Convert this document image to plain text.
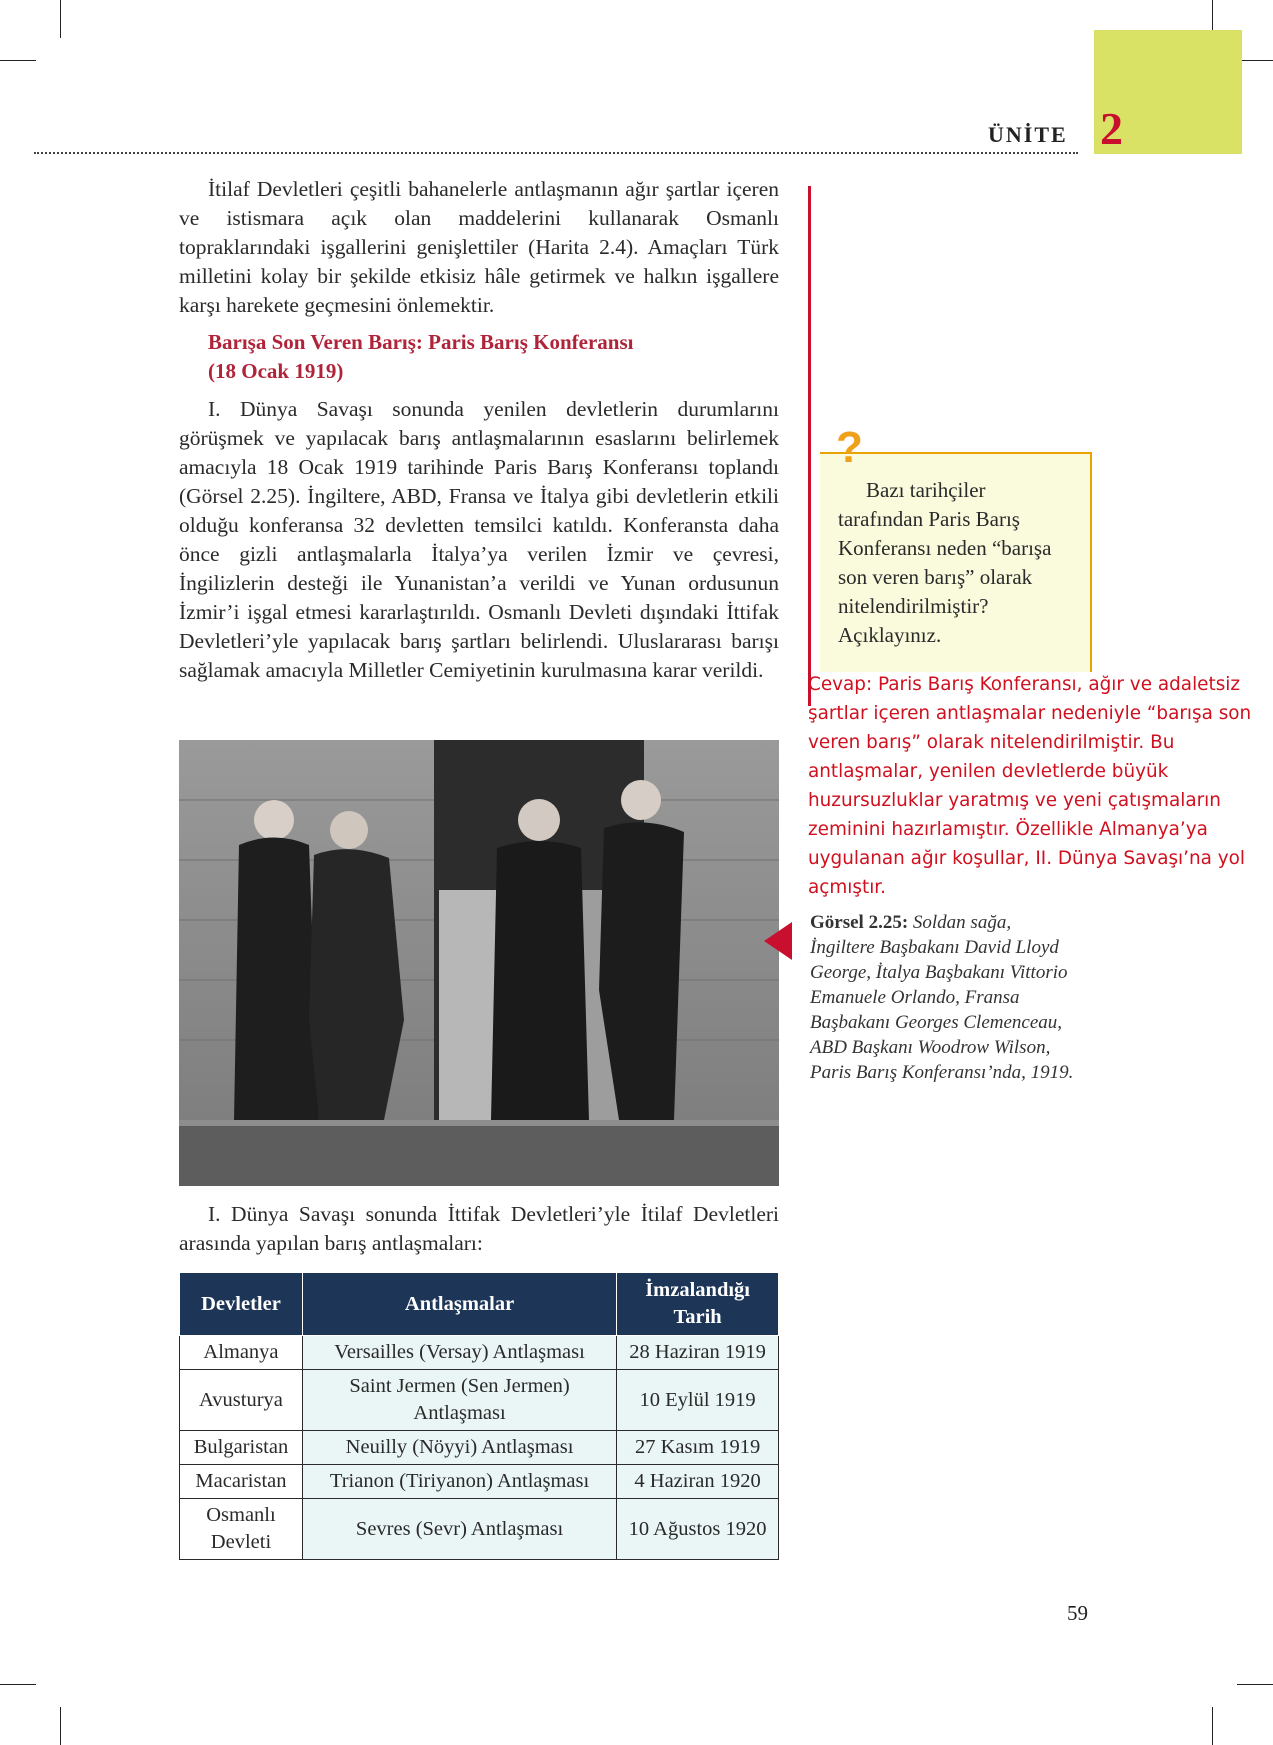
ÜNİTE 2

İtilaf Devletleri çeşitli bahanelerle antlaşmanın ağır şartlar içeren ve istismara açık olan maddelerini kullanarak Osmanlı topraklarındaki işgallerini genişlettiler (Harita 2.4). Amaçları Türk milletini kolay bir şekilde etkisiz hâle getirmek ve halkın işgallere karşı harekete geçmesini önlemektir.

Barışa Son Veren Barış: Paris Barış Konferansı
(18 Ocak 1919)

I. Dünya Savaşı sonunda yenilen devletlerin durumlarını görüşmek ve yapılacak barış antlaşmalarının esaslarını belirlemek amacıyla 18 Ocak 1919 tarihinde Paris Barış Konferansı toplandı (Görsel 2.25). İngiltere, ABD, Fransa ve İtalya gibi devletlerin etkili olduğu konferansa 32 devletten temsilci katıldı. Konferansta daha önce gizli antlaşmalarla İtalya’ya verilen İzmir ve çevresi, İngilizlerin desteği ile Yunanistan’a verildi ve Yunan ordusunun İzmir’i işgal etmesi kararlaştırıldı. Osmanlı Devleti dışındaki İttifak Devletleri’yle yapılacak barış şartları belirlendi. Uluslararası barışı sağlamak amacıyla Milletler Cemiyetinin kurulmasına karar verildi.

?
Bazı tarihçiler tarafından Paris Barış Konferansı neden “barışa son veren barış” olarak nitelendirilmiştir? Açıklayınız.
Cevap: Paris Barış Konferansı, ağır ve adaletsiz şartlar içeren antlaşmalar nedeniyle “barışa son veren barış” olarak nitelendirilmiştir. Bu antlaşmalar, yenilen devletlerde büyük huzursuzluklar yaratmış ve yeni çatışmaların zeminini hazırlamıştır. Özellikle Almanya’ya uygulanan ağır koşullar, II. Dünya Savaşı’na yol açmıştır.
Görsel 2.25: Soldan sağa, İngiltere Başbakanı David Lloyd George, İtalya Başbakanı Vittorio Emanuele Orlando, Fransa Başbakanı Georges Clemenceau, ABD Başkanı Woodrow Wilson, Paris Barış Konferansı’nda, 1919.

I. Dünya Savaşı sonunda İttifak Devletleri’yle İtilaf Devletleri arasında yapılan barış antlaşmaları:

Devletler	Antlaşmalar	İmzalandığı Tarih
Almanya	Versailles (Versay) Antlaşması	28 Haziran 1919
Avusturya	Saint Jermen (Sen Jermen) Antlaşması	10 Eylül 1919
Bulgaristan	Neuilly (Nöyyi) Antlaşması	27 Kasım 1919
Macaristan	Trianon (Tiriyanon) Antlaşması	4 Haziran 1920
Osmanlı Devleti	Sevres (Sevr) Antlaşması	10 Ağustos 1920
59
